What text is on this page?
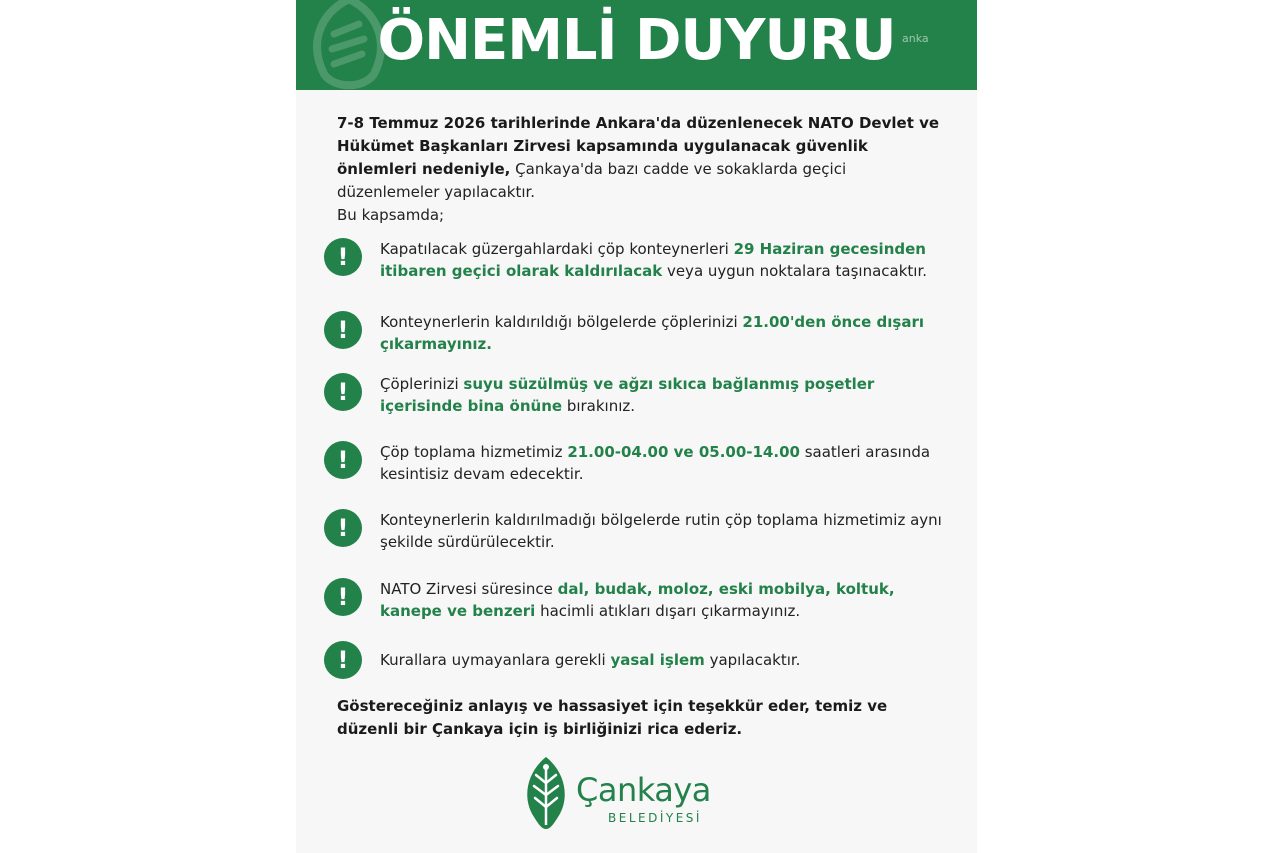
ÖNEMLİ DUYURU anka
7-8 Temmuz 2026 tarihlerinde Ankara'da düzenlenecek NATO Devlet ve Hükümet Başkanları Zirvesi kapsamında uygulanacak güvenlik önlemleri nedeniyle, Çankaya'da bazı cadde ve sokaklarda geçici düzenlemeler yapılacaktır.
Bu kapsamda;
!	Kapatılacak güzergahlardaki çöp konteynerleri 29 Haziran gecesinden itibaren geçici olarak kaldırılacak veya uygun noktalara taşınacaktır.
!	Konteynerlerin kaldırıldığı bölgelerde çöplerinizi 21.00'den önce dışarı çıkarmayınız.
!	Çöplerinizi suyu süzülmüş ve ağzı sıkıca bağlanmış poşetler içerisinde bina önüne bırakınız.
!	Çöp toplama hizmetimiz 21.00-04.00 ve 05.00-14.00 saatleri arasında kesintisiz devam edecektir.
!	Konteynerlerin kaldırılmadığı bölgelerde rutin çöp toplama hizmetimiz aynı şekilde sürdürülecektir.
!	NATO Zirvesi süresince dal, budak, moloz, eski mobilya, koltuk, kanepe ve benzeri hacimli atıkları dışarı çıkarmayınız.
!	Kurallara uymayanlara gerekli yasal işlem yapılacaktır.
Göstereceğiniz anlayış ve hassasiyet için teşekkür eder, temiz ve düzenli bir Çankaya için iş birliğinizi rica ederiz.
Çankaya
BELEDİYESİ
